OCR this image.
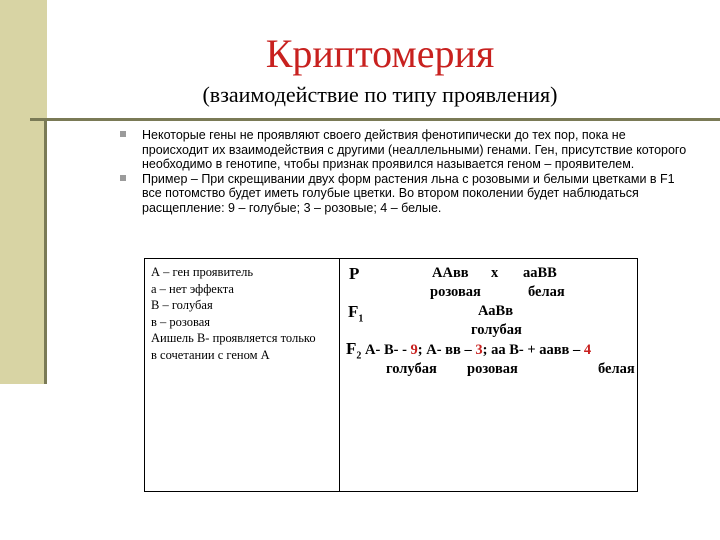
Криптомерия
(взаимодействие по типу проявления)
Некоторые гены не проявляют своего действия фенотипически до тех пор, пока не происходит их взаимодействия с другими (неаллельными) генами. Ген, присутствие которого необходимо в генотипе, чтобы признак проявился называется геном – проявителем.
Пример – При скрещивании двух форм растения льна с розовыми и белыми цветками в F1 все потомство будет иметь голубые цветки. Во втором поколении будет наблюдаться расщепление: 9 – голубые; 3 – розовые; 4 – белые.
А – ген проявитель
а – нет эффекта
В – голубая
в – розовая
Аишель В- проявляется только
в сочетании с геном А
Р	ААвв х ааВВ
розовая	белая
$F_1$	АаВв
голубая
$F_2$ А- В- - 9; А- вв – 3; аа В- + аавв – 4
голубая розовая	белая
